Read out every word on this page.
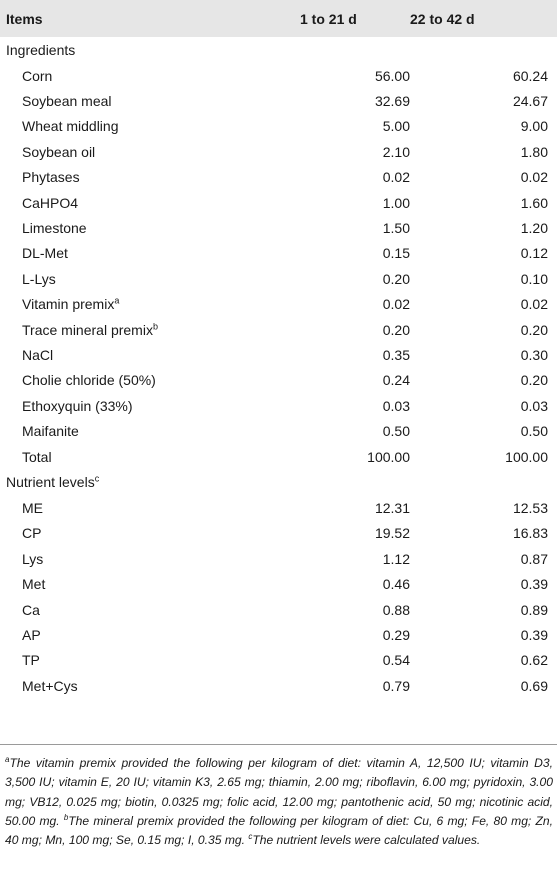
Items	1 to 21 d	22 to 42 d
Ingredients		
Corn	56.00	60.24
Soybean meal	32.69	24.67
Wheat middling	5.00	9.00
Soybean oil	2.10	1.80
Phytases	0.02	0.02
CaHPO4	1.00	1.60
Limestone	1.50	1.20
DL-Met	0.15	0.12
L-Lys	0.20	0.10
Vitamin premix$^a$	0.02	0.02
Trace mineral premix$^b$	0.20	0.20
NaCl	0.35	0.30
Cholie chloride (50%)	0.24	0.20
Ethoxyquin (33%)	0.03	0.03
Maifanite	0.50	0.50
Total	100.00	100.00
Nutrient levels$^c$
ME	12.31	12.53
CP	19.52	16.83
Lys	1.12	0.87
Met	0.46	0.39
Ca	0.88	0.89
AP	0.29	0.39
TP	0.54	0.62
Met+Cys	0.79	0.69
$^a$The vitamin premix provided the following per kilogram of diet: vitamin A, 12,500 IU; vitamin D3, 3,500 IU; vitamin E, 20 IU; vitamin K3, 2.65 mg; thiamin, 2.00 mg; riboflavin, 6.00 mg; pyridoxin, 3.00 mg; VB12, 0.025 mg; biotin, 0.0325 mg; folic acid, 12.00 mg; pantothenic acid, 50 mg; nicotinic acid, 50.00 mg. $^b$The mineral premix provided the following per kilogram of diet: Cu, 6 mg; Fe, 80 mg; Zn, 40 mg; Mn, 100 mg; Se, 0.15 mg; I, 0.35 mg. $^c$The nutrient levels were calculated values.
